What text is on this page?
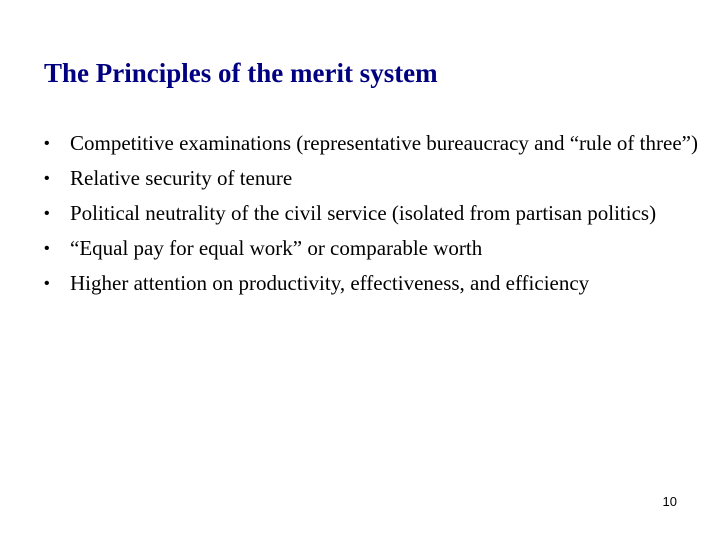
The Principles of the merit system
• Competitive examinations (representative bureaucracy and “rule of three”)
• Relative security of tenure
• Political neutrality of the civil service (isolated from partisan politics)
• “Equal pay for equal work” or comparable worth
• Higher attention on productivity, effectiveness, and efficiency
10
